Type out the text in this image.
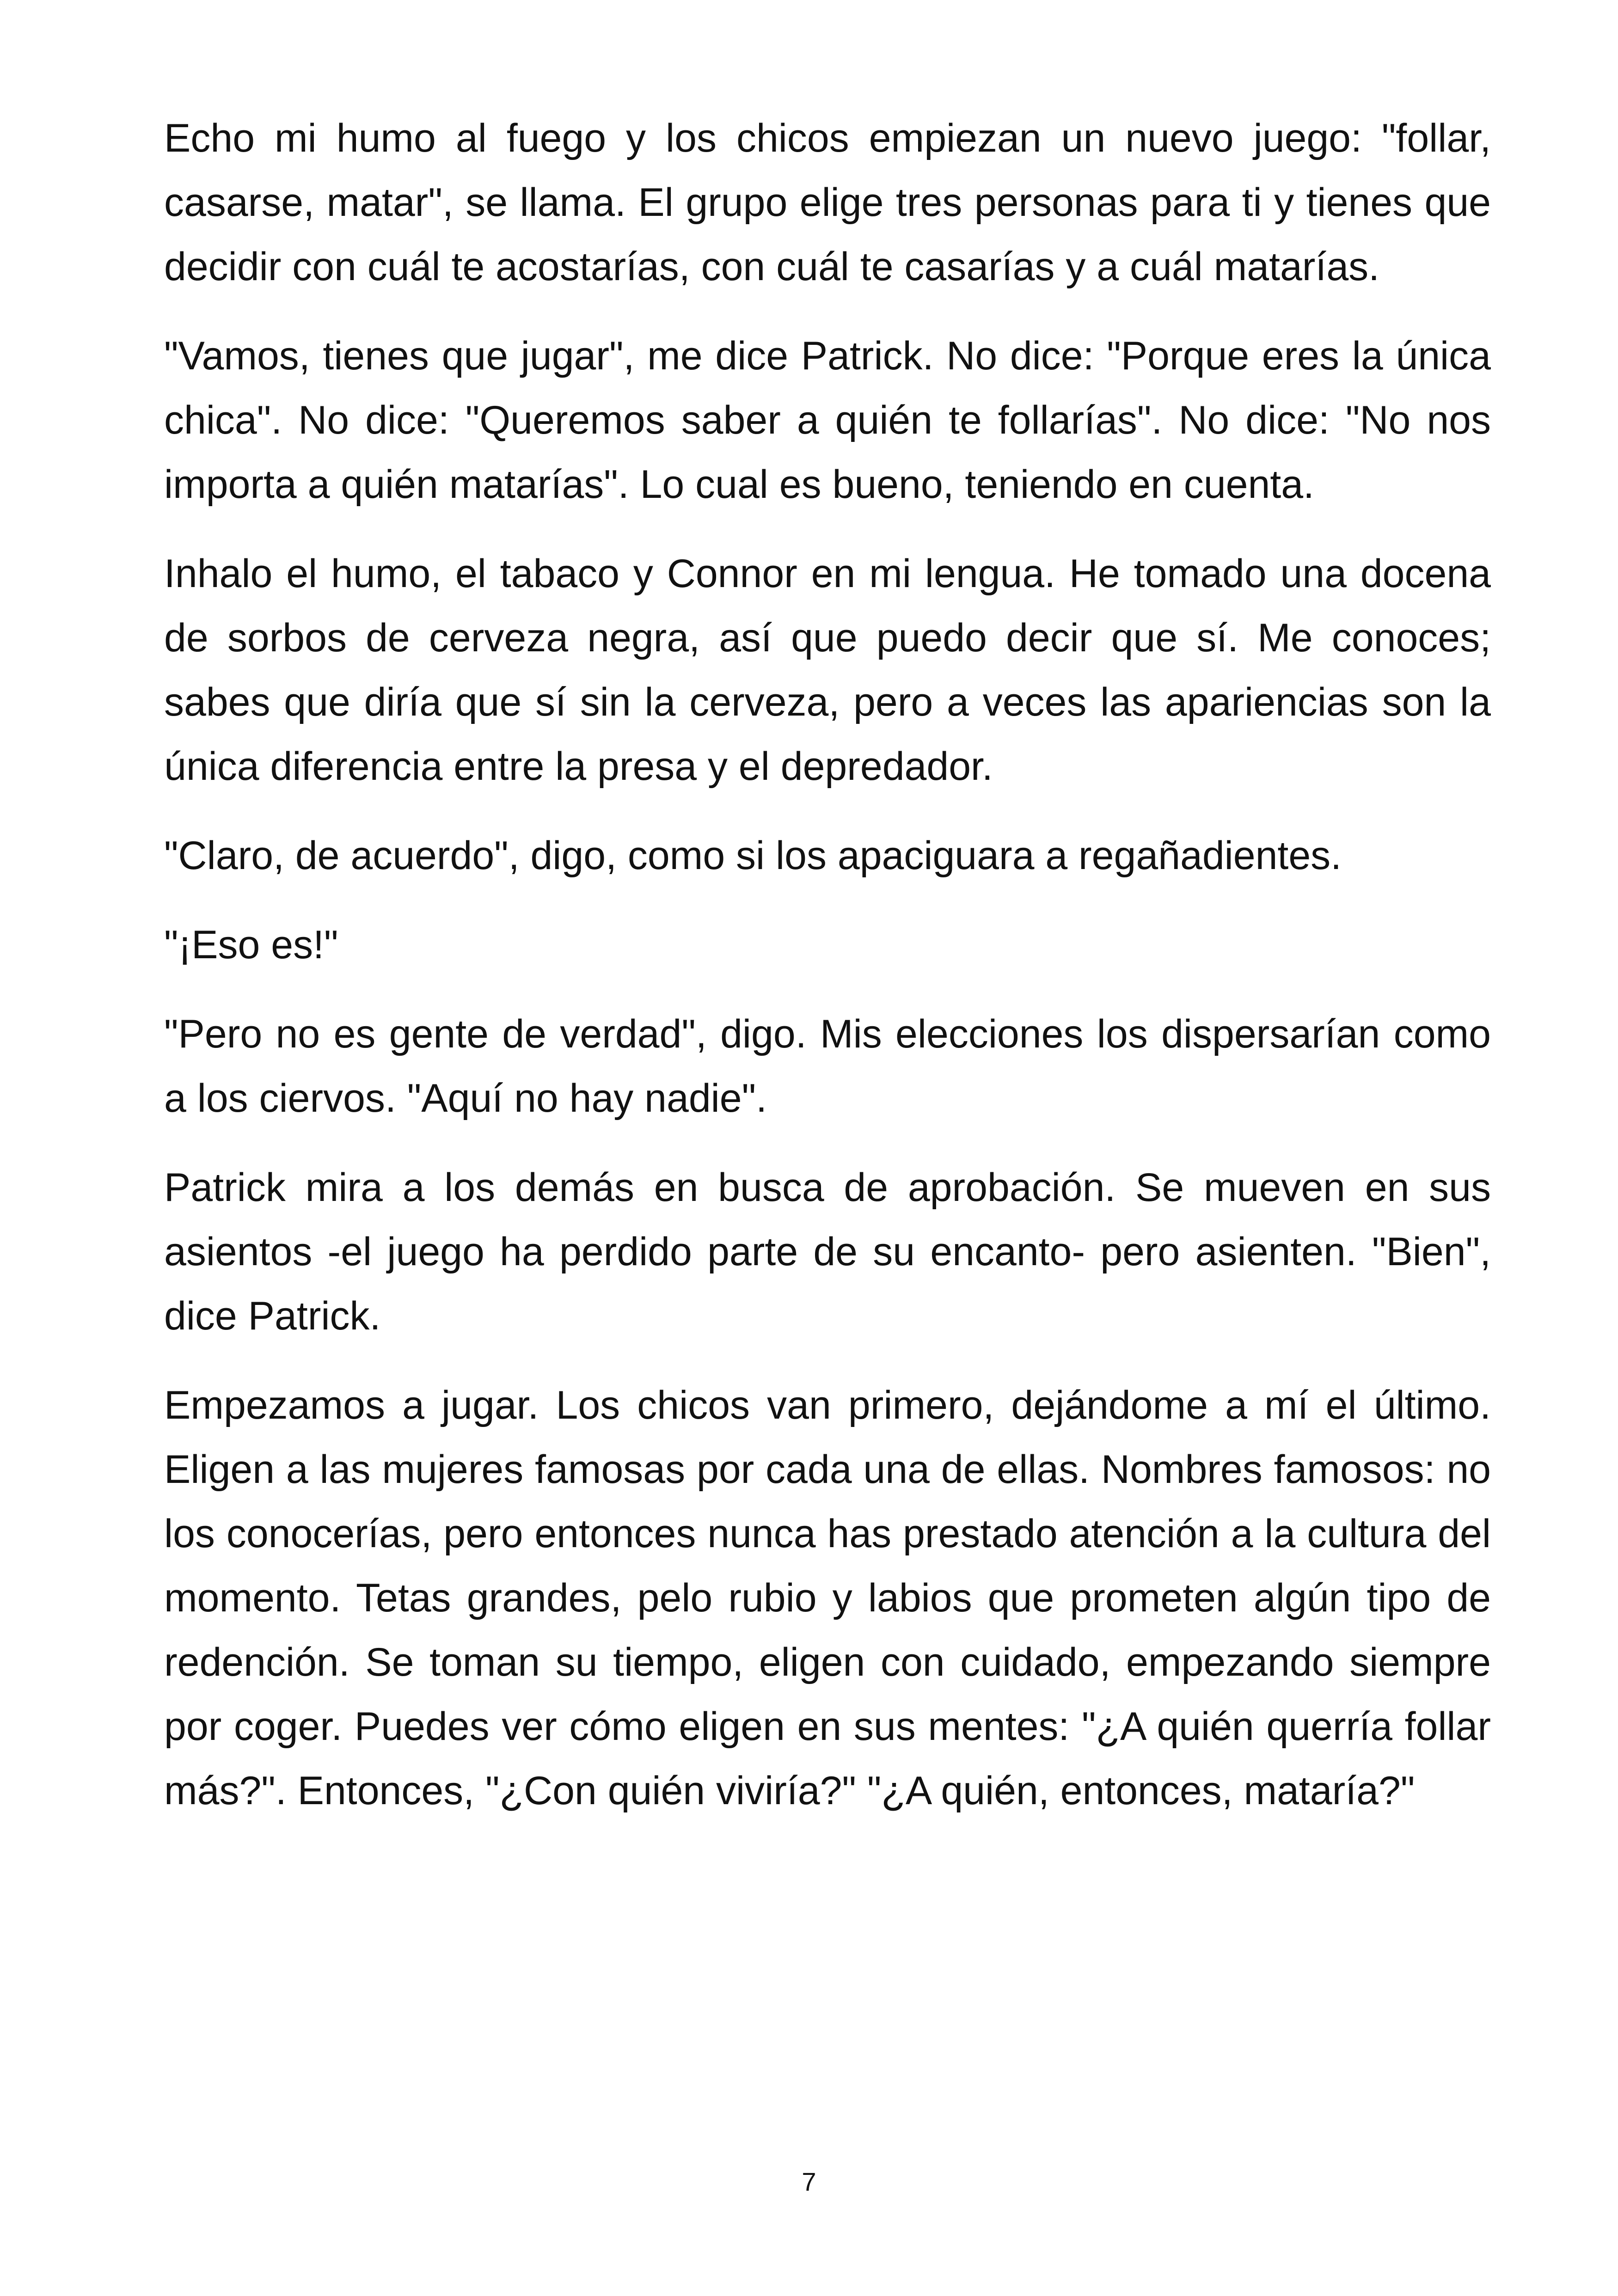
Echo mi humo al fuego y los chicos empiezan un nuevo juego: "follar, casarse, matar", se llama. El grupo elige tres personas para ti y tienes que decidir con cuál te acostarías, con cuál te casarías y a cuál matarías.

"Vamos, tienes que jugar", me dice Patrick. No dice: "Porque eres la única chica". No dice: "Queremos saber a quién te follarías". No dice: "No nos importa a quién matarías". Lo cual es bueno, teniendo en cuenta.

Inhalo el humo, el tabaco y Connor en mi lengua. He tomado una docena de sorbos de cerveza negra, así que puedo decir que sí. Me conoces; sabes que diría que sí sin la cerveza, pero a veces las apariencias son la única diferencia entre la presa y el depredador.

"Claro, de acuerdo", digo, como si los apaciguara a regañadientes.

"¡Eso es!"

"Pero no es gente de verdad", digo. Mis elecciones los dispersarían como a los ciervos. "Aquí no hay nadie".

Patrick mira a los demás en busca de aprobación. Se mueven en sus asientos -el juego ha perdido parte de su encanto- pero asienten. "Bien", dice Patrick.

Empezamos a jugar. Los chicos van primero, dejándome a mí el último. Eligen a las mujeres famosas por cada una de ellas. Nombres famosos: no los conocerías, pero entonces nunca has prestado atención a la cultura del momento. Tetas grandes, pelo rubio y labios que prometen algún tipo de redención. Se toman su tiempo, eligen con cuidado, empezando siempre por coger. Puedes ver cómo eligen en sus mentes: "¿A quién querría follar más?". Entonces, "¿Con quién viviría?" "¿A quién, entonces, mataría?"

7
